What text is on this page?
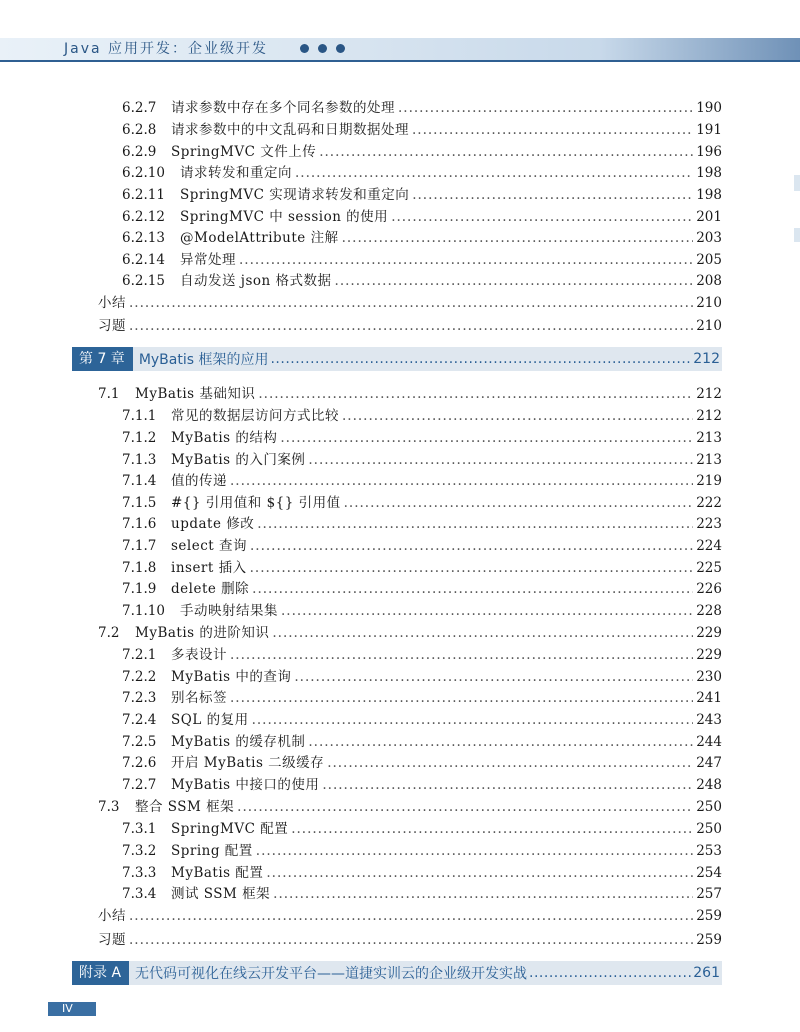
Java 应用开发：企业级开发
6.2.7	请求参数中存在多个同名参数的处理 .....	190
6.2.8	请求参数中的中文乱码和日期数据处理 .....	191
6.2.9	SpringMVC 文件上传 .....	196
6.2.10	请求转发和重定向 .....	198
6.2.11	SpringMVC 实现请求转发和重定向 .....	198
6.2.12	SpringMVC 中 session 的使用 .....	201
6.2.13	@ModelAttribute 注解 .....	203
6.2.14	异常处理 .....	205
6.2.15	自动发送 json 格式数据 .....	208
小结 .....	210
习题 .....	210
第 7 章	MyBatis 框架的应用 .....	212
7.1	MyBatis 基础知识 .....	212
7.1.1	常见的数据层访问方式比较 .....	212
7.1.2	MyBatis 的结构 .....	213
7.1.3	MyBatis 的入门案例 .....	213
7.1.4	值的传递 .....	219
7.1.5	#{} 引用值和 ${} 引用值 .....	222
7.1.6	update 修改 .....	223
7.1.7	select 查询 .....	224
7.1.8	insert 插入 .....	225
7.1.9	delete 删除 .....	226
7.1.10	手动映射结果集 .....	228
7.2	MyBatis 的进阶知识 .....	229
7.2.1	多表设计 .....	229
7.2.2	MyBatis 中的查询 .....	230
7.2.3	别名标签 .....	241
7.2.4	SQL 的复用 .....	243
7.2.5	MyBatis 的缓存机制 .....	244
7.2.6	开启 MyBatis 二级缓存 .....	247
7.2.7	MyBatis 中接口的使用 .....	248
7.3	整合 SSM 框架 .....	250
7.3.1	SpringMVC 配置 .....	250
7.3.2	Spring 配置 .....	253
7.3.3	MyBatis 配置 .....	254
7.3.4	测试 SSM 框架 .....	257
小结 .....	259
习题 .....	259
附录 A	无代码可视化在线云开发平台——道捷实训云的企业级开发实战 .....	261
IV
